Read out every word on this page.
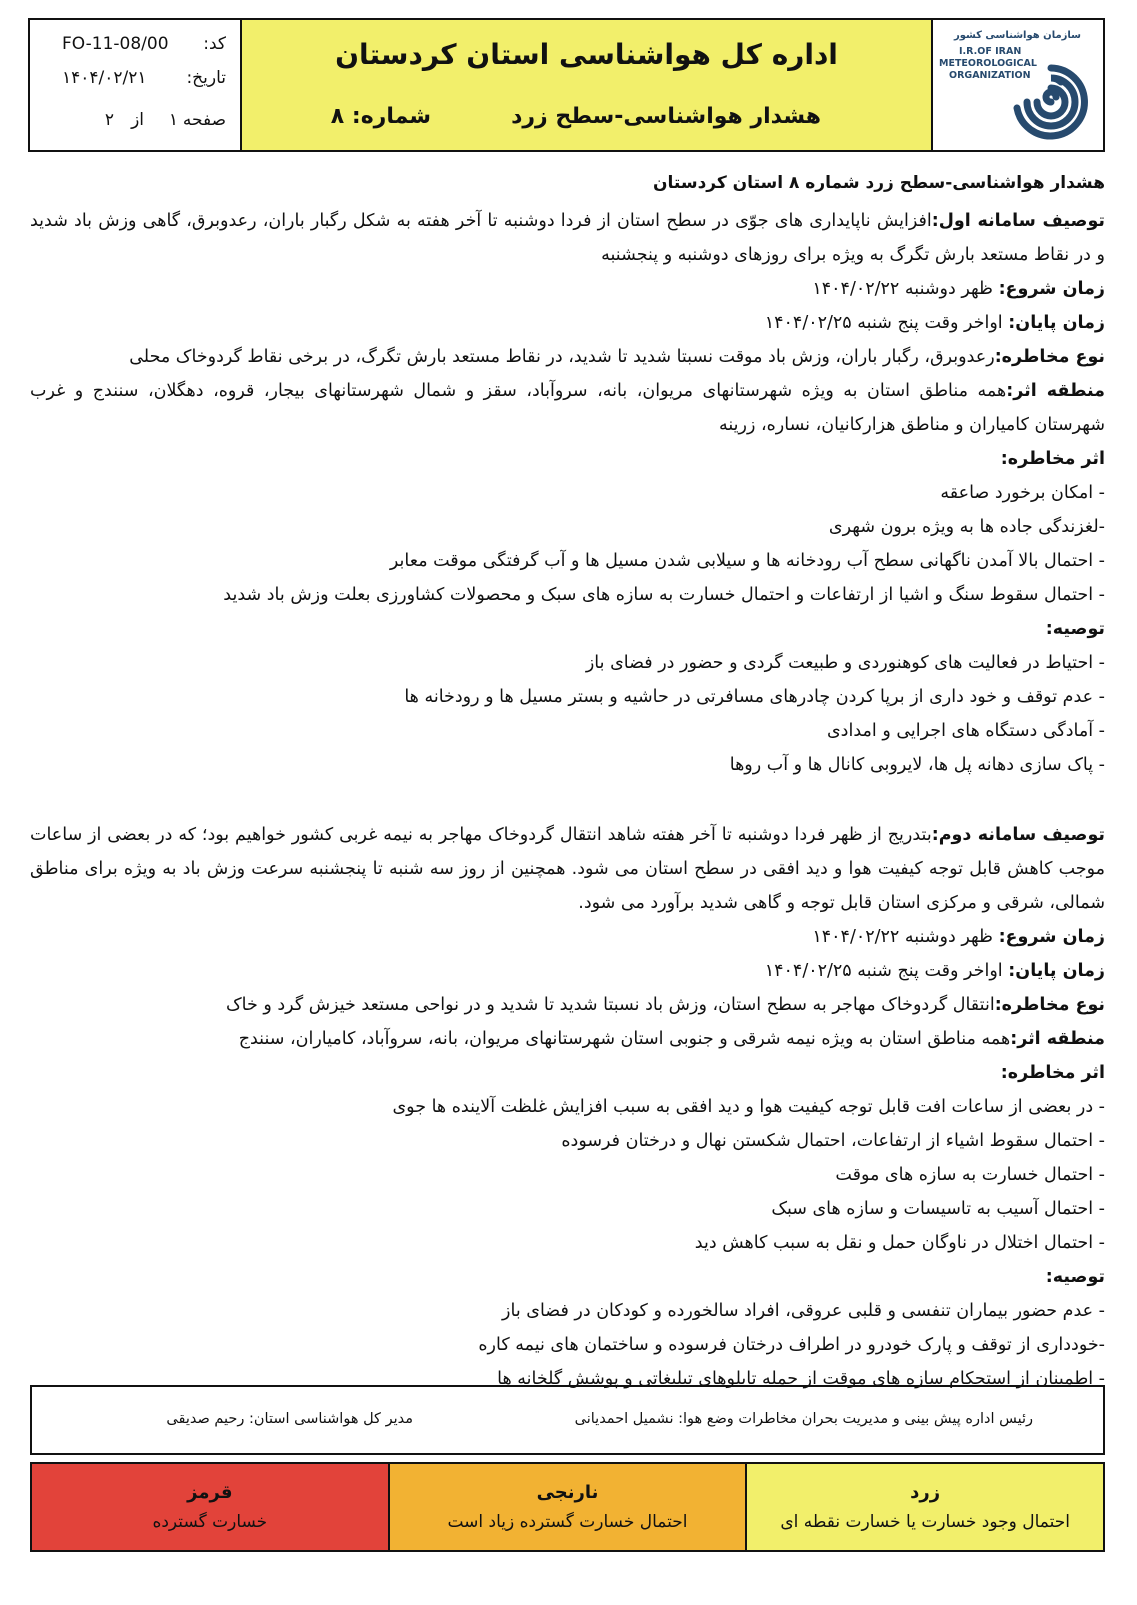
کد:
FO-11-08/00
تاریخ:
۱۴۰۴/۰۲/۲۱
صفحه
۱
از
۲
اداره کل هواشناسی استان کردستان
هشدار هواشناسی-سطح زرد
شماره: ۸
سازمان هواشناسی کشور
I.R.OF IRAN
METEOROLOGICAL
ORGANIZATION
هشدار هواشناسی-سطح زرد شماره ۸ استان کردستان
توصیف سامانه اول:افزایش ناپایداری های جوّی در سطح استان از فردا دوشنبه تا آخر هفته به شکل رگبار باران، رعدوبرق، گاهی وزش باد شدید و در نقاط مستعد بارش تگرگ به ویژه برای روزهای دوشنبه و پنجشنبه
زمان شروع: ظهر دوشنبه ۱۴۰۴/۰۲/۲۲
زمان پایان: اواخر وقت پنج شنبه ۱۴۰۴/۰۲/۲۵
نوع مخاطره:رعدوبرق، رگبار باران، وزش باد موقت نسبتا شدید تا شدید، در نقاط مستعد بارش تگرگ، در برخی نقاط گردوخاک محلی
منطقه اثر:همه مناطق استان به ویژه شهرستانهای مریوان، بانه، سروآباد، سقز و شمال شهرستانهای بیجار، قروه، دهگلان، سنندج و غرب شهرستان کامیاران و مناطق هزارکانیان، نساره، زرینه
اثر مخاطره:
- امکان برخورد صاعقه
-لغزندگی جاده ها به ویژه برون شهری
- احتمال بالا آمدن ناگهانی سطح آب رودخانه ها و سیلابی شدن مسیل ها و آب گرفتگی موقت معابر
- احتمال سقوط سنگ و اشیا از ارتفاعات و احتمال خسارت به سازه های سبک و محصولات کشاورزی بعلت وزش باد شدید
توصیه:
- احتیاط در فعالیت های کوهنوردی و طبیعت گردی و حضور در فضای باز
- عدم توقف و خود داری از برپا کردن چادرهای مسافرتی در حاشیه و بستر مسیل ها و رودخانه ها
- آمادگی دستگاه های اجرایی و امدادی
- پاک سازی دهانه پل ها، لایروبی کانال ها و آب روها
توصیف سامانه دوم:بتدریج از ظهر فردا دوشنبه تا آخر هفته شاهد انتقال گردوخاک مهاجر به نیمه غربی کشور خواهیم بود؛ که در بعضی از ساعات موجب کاهش قابل توجه کیفیت هوا و دید افقی در سطح استان می شود. همچنین از روز سه شنبه تا پنجشنبه سرعت وزش باد به ویژه برای مناطق شمالی، شرقی و مرکزی استان قابل توجه و گاهی شدید برآورد می شود.
زمان شروع: ظهر دوشنبه ۱۴۰۴/۰۲/۲۲
زمان پایان: اواخر وقت پنج شنبه ۱۴۰۴/۰۲/۲۵
نوع مخاطره:انتقال گردوخاک مهاجر به سطح استان، وزش باد نسبتا شدید تا شدید و در نواحی مستعد خیزش گرد و خاک
منطقه اثر:همه مناطق استان به ویژه نیمه شرقی و جنوبی استان شهرستانهای مریوان، بانه، سروآباد، کامیاران، سنندج
اثر مخاطره:
- در بعضی از ساعات افت قابل توجه کیفیت هوا و دید افقی به سبب افزایش غلظت آلاینده ها جوی
- احتمال سقوط اشیاء از ارتفاعات، احتمال شکستن نهال و درختان فرسوده
- احتمال خسارت به سازه های موقت
- احتمال آسیب به تاسیسات و سازه های سبک
- احتمال اختلال در ناوگان حمل و نقل به سبب کاهش دید
توصیه:
- عدم حضور بیماران تنفسی و قلبی عروقی، افراد سالخورده و کودکان در فضای باز
-خودداری از توقف و پارک خودرو در اطراف درختان فرسوده و ساختمان های نیمه کاره
- اطمینان از استحکام سازه های موقت از جمله تابلوهای تبلیغاتی و پوشش گلخانه ها
رئیس اداره پیش بینی و مدیریت بحران مخاطرات وضع هوا: نشمیل احمدیانی
مدیر کل هواشناسی استان: رحیم صدیقی
زرد
احتمال وجود خسارت یا خسارت نقطه ای
نارنجی
احتمال خسارت گسترده زیاد است
قرمز
خسارت گسترده
